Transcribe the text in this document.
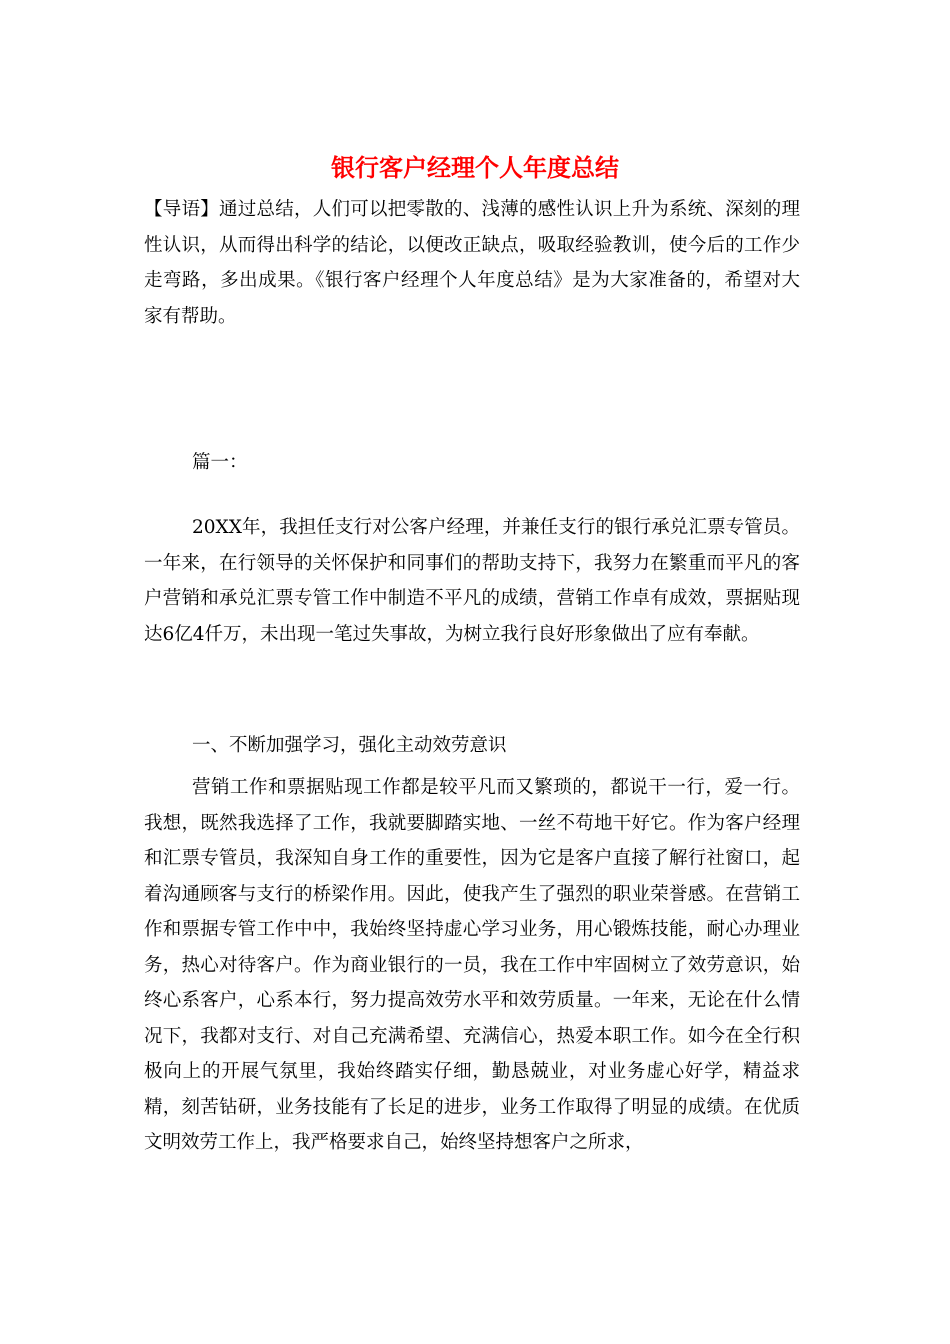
银行客户经理个人年度总结

【导语】通过总结，人们可以把零散的、浅薄的感性认识上升为系统、深刻的理性认识，从而得出科学的结论，以便改正缺点，吸取经验教训，使今后的工作少走弯路，多出成果。《银行客户经理个人年度总结》是为大家准备的，希望对大家有帮助。

篇一：

20XX年，我担任支行对公客户经理，并兼任支行的银行承兑汇票专管员。一年来，在行领导的关怀保护和同事们的帮助支持下，我努力在繁重而平凡的客户营销和承兑汇票专管工作中制造不平凡的成绩，营销工作卓有成效，票据贴现达6亿4仟万，未出现一笔过失事故，为树立我行良好形象做出了应有奉献。

一、不断加强学习，强化主动效劳意识

营销工作和票据贴现工作都是较平凡而又繁琐的，都说干一行，爱一行。我想，既然我选择了工作，我就要脚踏实地、一丝不苟地干好它。作为客户经理和汇票专管员，我深知自身工作的重要性，因为它是客户直接了解行社窗口，起着沟通顾客与支行的桥梁作用。因此，使我产生了强烈的职业荣誉感。在营销工作和票据专管工作中中，我始终坚持虚心学习业务，用心锻炼技能，耐心办理业务，热心对待客户。作为商业银行的一员，我在工作中牢固树立了效劳意识，始终心系客户，心系本行，努力提高效劳水平和效劳质量。一年来，无论在什么情况下，我都对支行、对自己充满希望、充满信心，热爱本职工作。如今在全行积极向上的开展气氛里，我始终踏实仔细，勤恳兢业，对业务虚心好学，精益求精，刻苦钻研，业务技能有了长足的进步，业务工作取得了明显的成绩。在优质文明效劳工作上，我严格要求自己，始终坚持想客户之所求，
